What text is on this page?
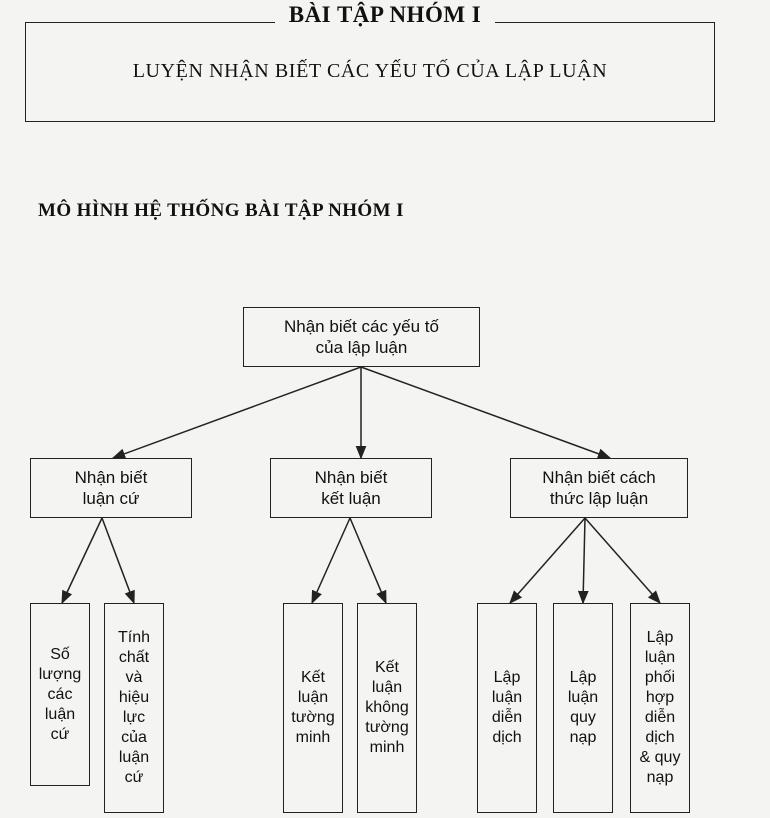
BÀI TẬP NHÓM I
LUYỆN NHẬN BIẾT CÁC YẾU TỐ CỦA LẬP LUẬN
MÔ HÌNH HỆ THỐNG BÀI TẬP NHÓM I
Nhận biết các yếu tố
của lập luận
Nhận biết
luận cứ
Nhận biết
kết luận
Nhận biết cách
thức lập luận
Số
lượng
các
luận
cứ
Tính
chất
và
hiệu
lực
của
luận
cứ
Kết
luận
tường
minh
Kết
luận
không
tường
minh
Lập
luận
diễn
dịch
Lập
luận
quy
nạp
Lập
luận
phối
hợp
diễn
dịch
& quy
nạp
